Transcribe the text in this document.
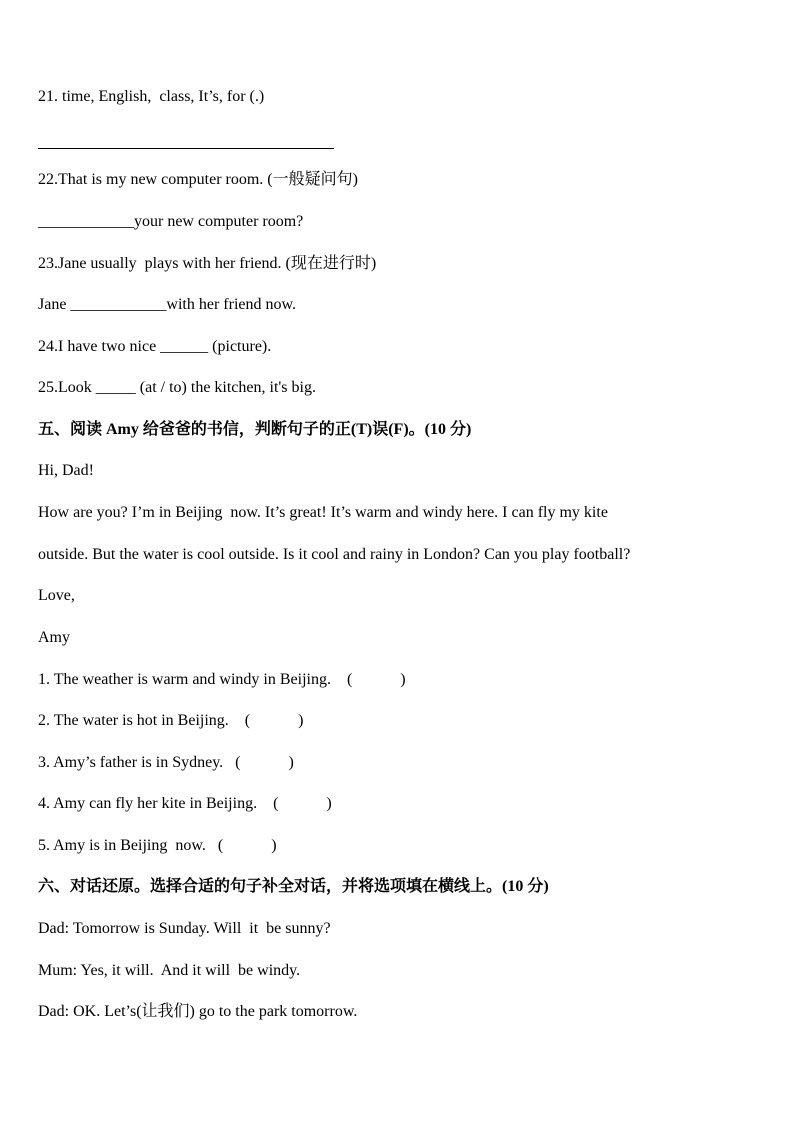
21. time, English,  class, It’s, for (.)
22.That is my new computer room. (一般疑问句)
____________your new computer room?
23.Jane usually  plays with her friend. (现在进行时)
Jane ____________with her friend now.
24.I have two nice ______ (picture).
25.Look _____ (at / to) the kitchen, it's big.
五、阅读 Amy 给爸爸的书信，判断句子的正(T)误(F)。(10 分)
Hi, Dad!
How are you? I’m in Beijing  now. It’s great! It’s warm and windy here. I can fly my kite
outside. But the water is cool outside. Is it cool and rainy in London? Can you play football?
Love,
Amy
1. The weather is warm and windy in Beijing.    (            )
2. The water is hot in Beijing.    (            )
3. Amy’s father is in Sydney.   (            )
4. Amy can fly her kite in Beijing.    (            )
5. Amy is in Beijing  now.   (            )
六、对话还原。选择合适的句子补全对话，并将选项填在横线上。(10 分)
Dad: Tomorrow is Sunday. Will  it  be sunny?
Mum: Yes, it will.  And it will  be windy.
Dad: OK. Let’s(让我们) go to the park tomorrow.
